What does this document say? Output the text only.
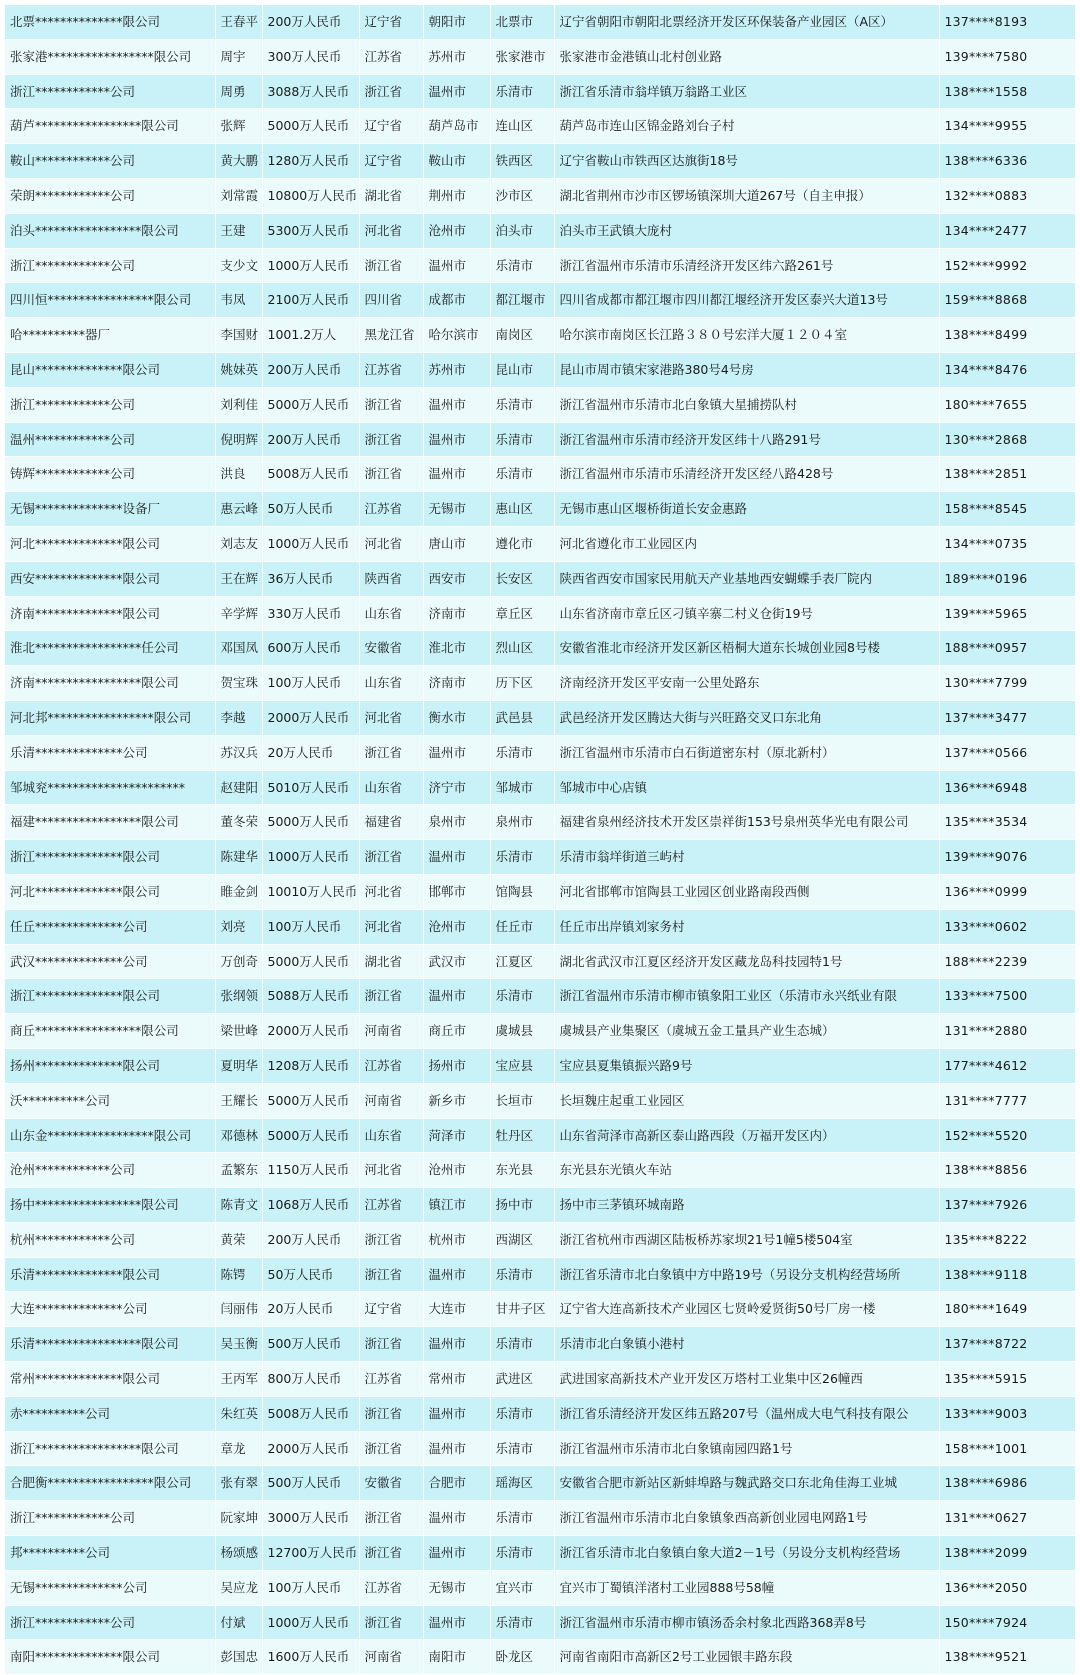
北票**************限公司	王春平	200万人民币	辽宁省	朝阳市	北票市	辽宁省朝阳市朝阳北票经济开发区环保装备产业园区（A区）	137****8193
张家港*****************限公司	周宇	300万人民币	江苏省	苏州市	张家港市	张家港市金港镇山北村创业路	139****7580
浙江************公司	周勇	3088万人民币	浙江省	温州市	乐清市	浙江省乐清市翁垟镇万翁路工业区	138****1558
葫芦*****************限公司	张辉	5000万人民币	辽宁省	葫芦岛市	连山区	葫芦岛市连山区锦金路刘台子村	134****9955
鞍山************公司	黄大鹏	1280万人民币	辽宁省	鞍山市	铁西区	辽宁省鞍山市铁西区达旗街18号	138****6336
荣朗************公司	刘常霞	10800万人民币	湖北省	荆州市	沙市区	湖北省荆州市沙市区锣场镇深圳大道267号（自主申报）	132****0883
泊头*****************限公司	王建	5300万人民币	河北省	沧州市	泊头市	泊头市王武镇大庞村	134****2477
浙江************公司	支少文	1000万人民币	浙江省	温州市	乐清市	浙江省温州市乐清市乐清经济开发区纬六路261号	152****9992
四川恒*****************限公司	韦凤	2100万人民币	四川省	成都市	都江堰市	四川省成都市都江堰市四川都江堰经济开发区泰兴大道13号	159****8868
哈**********器厂	李国财	1001.2万人	黑龙江省	哈尔滨市	南岗区	哈尔滨市南岗区长江路３８０号宏洋大厦１２０４室	138****8499
昆山**************限公司	姚妹英	200万人民币	江苏省	苏州市	昆山市	昆山市周市镇宋家港路380号4号房	134****8476
浙江************公司	刘利佳	5000万人民币	浙江省	温州市	乐清市	浙江省温州市乐清市北白象镇大星捕捞队村	180****7655
温州************公司	倪明辉	200万人民币	浙江省	温州市	乐清市	浙江省温州市乐清市经济开发区纬十八路291号	130****2868
铸辉************公司	洪良	5008万人民币	浙江省	温州市	乐清市	浙江省温州市乐清市乐清经济开发区经八路428号	138****2851
无锡**************设备厂	惠云峰	50万人民币	江苏省	无锡市	惠山区	无锡市惠山区堰桥街道长安金惠路	158****8545
河北**************限公司	刘志友	1000万人民币	河北省	唐山市	遵化市	河北省遵化市工业园区内	134****0735
西安**************限公司	王在辉	36万人民币	陕西省	西安市	长安区	陕西省西安市国家民用航天产业基地西安蝴蝶手表厂院内	189****0196
济南**************限公司	辛学辉	330万人民币	山东省	济南市	章丘区	山东省济南市章丘区刁镇辛寨二村义仓街19号	139****5965
淮北*****************任公司	邓国凤	600万人民币	安徽省	淮北市	烈山区	安徽省淮北市经济开发区新区梧桐大道东长城创业园8号楼	188****0957
济南*****************限公司	贺宝珠	100万人民币	山东省	济南市	历下区	济南经济开发区平安南一公里处路东	130****7799
河北邦*****************限公司	李越	2000万人民币	河北省	衡水市	武邑县	武邑经济开发区腾达大街与兴旺路交叉口东北角	137****3477
乐清**************公司	苏汉兵	20万人民币	浙江省	温州市	乐清市	浙江省温州市乐清市白石街道密东村（原北新村）	137****0566
邹城兖**********************	赵建阳	5010万人民币	山东省	济宁市	邹城市	邹城市中心店镇	136****6948
福建*****************限公司	董冬荣	5000万人民币	福建省	泉州市	泉州市	福建省泉州经济技术开发区崇祥街153号泉州英华光电有限公司	135****3534
浙江**************限公司	陈建华	1000万人民币	浙江省	温州市	乐清市	乐清市翁垟街道三屿村	139****9076
河北**************限公司	睢金剑	10010万人民币	河北省	邯郸市	馆陶县	河北省邯郸市馆陶县工业园区创业路南段西侧	136****0999
任丘**************公司	刘亮	100万人民币	河北省	沧州市	任丘市	任丘市出岸镇刘家务村	133****0602
武汉**************公司	万创奇	5000万人民币	湖北省	武汉市	江夏区	湖北省武汉市江夏区经济开发区藏龙岛科技园特1号	188****2239
浙江**************限公司	张纲领	5088万人民币	浙江省	温州市	乐清市	浙江省温州市乐清市柳市镇象阳工业区（乐清市永兴纸业有限	133****7500
商丘*****************限公司	梁世峰	2000万人民币	河南省	商丘市	虞城县	虞城县产业集聚区（虞城五金工量具产业生态城）	131****2880
扬州**************限公司	夏明华	1208万人民币	江苏省	扬州市	宝应县	宝应县夏集镇振兴路9号	177****4612
沃**********公司	王耀长	5000万人民币	河南省	新乡市	长垣市	长垣魏庄起重工业园区	131****7777
山东金*****************限公司	邓德林	5000万人民币	山东省	菏泽市	牡丹区	山东省菏泽市高新区泰山路西段（万福开发区内）	152****5520
沧州************公司	孟繁东	1150万人民币	河北省	沧州市	东光县	东光县东光镇火车站	138****8856
扬中*****************限公司	陈青文	1068万人民币	江苏省	镇江市	扬中市	扬中市三茅镇环城南路	137****7926
杭州************公司	黄荣	200万人民币	浙江省	杭州市	西湖区	浙江省杭州市西湖区陆板桥苏家坝21号1幢5楼504室	135****8222
乐清**************限公司	陈锷	50万人民币	浙江省	温州市	乐清市	浙江省乐清市北白象镇中方中路19号（另设分支机构经营场所	138****9118
大连**************公司	闫丽伟	20万人民币	辽宁省	大连市	甘井子区	辽宁省大连高新技术产业园区七贤岭爱贤街50号厂房一楼	180****1649
乐清*****************限公司	吴玉衡	500万人民币	浙江省	温州市	乐清市	乐清市北白象镇小港村	137****8722
常州**************限公司	王丙军	800万人民币	江苏省	常州市	武进区	武进国家高新技术产业开发区万塔村工业集中区26幢西	135****5915
赤**********公司	朱红英	5008万人民币	浙江省	温州市	乐清市	浙江省乐清经济开发区纬五路207号（温州成大电气科技有限公	133****9003
浙江*****************限公司	章龙	2000万人民币	浙江省	温州市	乐清市	浙江省温州市乐清市北白象镇南园四路1号	158****1001
合肥衡*****************限公司	张有翠	500万人民币	安徽省	合肥市	瑶海区	安徽省合肥市新站区新蚌埠路与魏武路交口东北角佳海工业城	138****6986
浙江************公司	阮家坤	3000万人民币	浙江省	温州市	乐清市	浙江省温州市乐清市北白象镇象西高新创业园电网路1号	131****0627
邦**********公司	杨颂感	12700万人民币	浙江省	温州市	乐清市	浙江省乐清市北白象镇白象大道2－1号（另设分支机构经营场	138****2099
无锡**************公司	吴应龙	100万人民币	江苏省	无锡市	宜兴市	宜兴市丁蜀镇洋渚村工业园888号58幢	136****2050
浙江************公司	付斌	1000万人民币	浙江省	温州市	乐清市	浙江省温州市乐清市柳市镇汤岙余村象北西路368弄8号	150****7924
南阳**************限公司	彭国忠	1600万人民币	河南省	南阳市	卧龙区	河南省南阳市高新区2号工业园银丰路东段	138****9521
